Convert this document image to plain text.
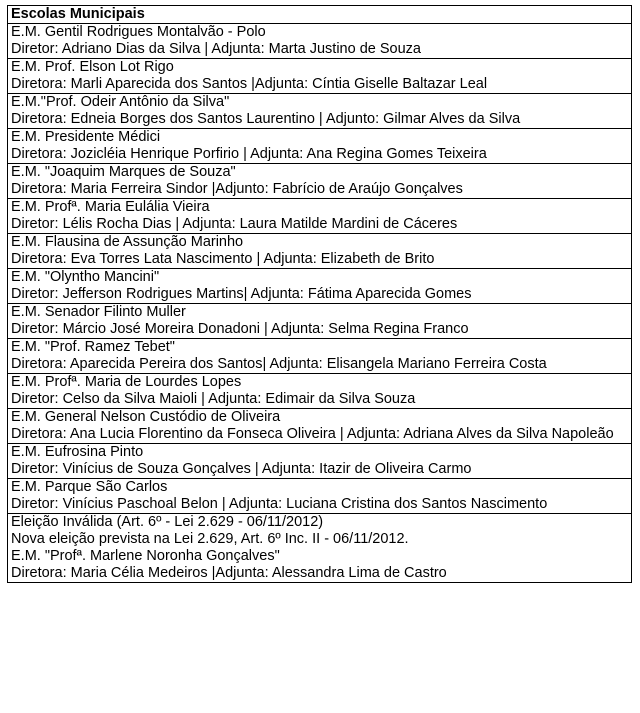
Escolas Municipais

E.M. Gentil Rodrigues Montalvão - Polo
Diretor: Adriano Dias da Silva | Adjunta: Marta Justino de Souza

E.M. Prof. Elson Lot Rigo
Diretora: Marli Aparecida dos Santos |Adjunta: Cíntia Giselle Baltazar Leal

E.M."Prof. Odeir Antônio da Silva"
Diretora: Edneia Borges dos Santos Laurentino | Adjunto: Gilmar Alves da Silva

E.M. Presidente Médici
Diretora: Jozicléia Henrique Porfirio | Adjunta: Ana Regina Gomes Teixeira

E.M. "Joaquim Marques de Souza"
Diretora: Maria Ferreira Sindor |Adjunto: Fabrício de Araújo Gonçalves

E.M. Profª. Maria Eulália Vieira
Diretor: Lélis Rocha Dias | Adjunta: Laura Matilde Mardini de Cáceres

E.M. Flausina de Assunção Marinho
Diretora: Eva Torres Lata Nascimento | Adjunta: Elizabeth de Brito

E.M. "Olyntho Mancini"
Diretor: Jefferson Rodrigues Martins| Adjunta: Fátima Aparecida Gomes

E.M. Senador Filinto Muller
Diretor: Márcio José Moreira Donadoni | Adjunta: Selma Regina Franco

E.M. "Prof. Ramez Tebet"
Diretora: Aparecida Pereira dos Santos| Adjunta: Elisangela Mariano Ferreira Costa

E.M. Profª. Maria de Lourdes Lopes
Diretor: Celso da Silva Maioli | Adjunta: Edimair da Silva Souza

E.M. General Nelson Custódio de Oliveira
Diretora: Ana Lucia Florentino da Fonseca Oliveira | Adjunta: Adriana Alves da Silva Napoleão

E.M. Eufrosina Pinto
Diretor: Vinícius de Souza Gonçalves | Adjunta: Itazir de Oliveira Carmo

E.M. Parque São Carlos
Diretor: Vinícius Paschoal Belon | Adjunta: Luciana Cristina dos Santos Nascimento

Eleição Inválida (Art. 6º - Lei 2.629 - 06/11/2012)
Nova eleição prevista na Lei 2.629, Art. 6º Inc. II - 06/11/2012.
E.M. "Profª. Marlene Noronha Gonçalves"
Diretora: Maria Célia Medeiros |Adjunta: Alessandra Lima de Castro
